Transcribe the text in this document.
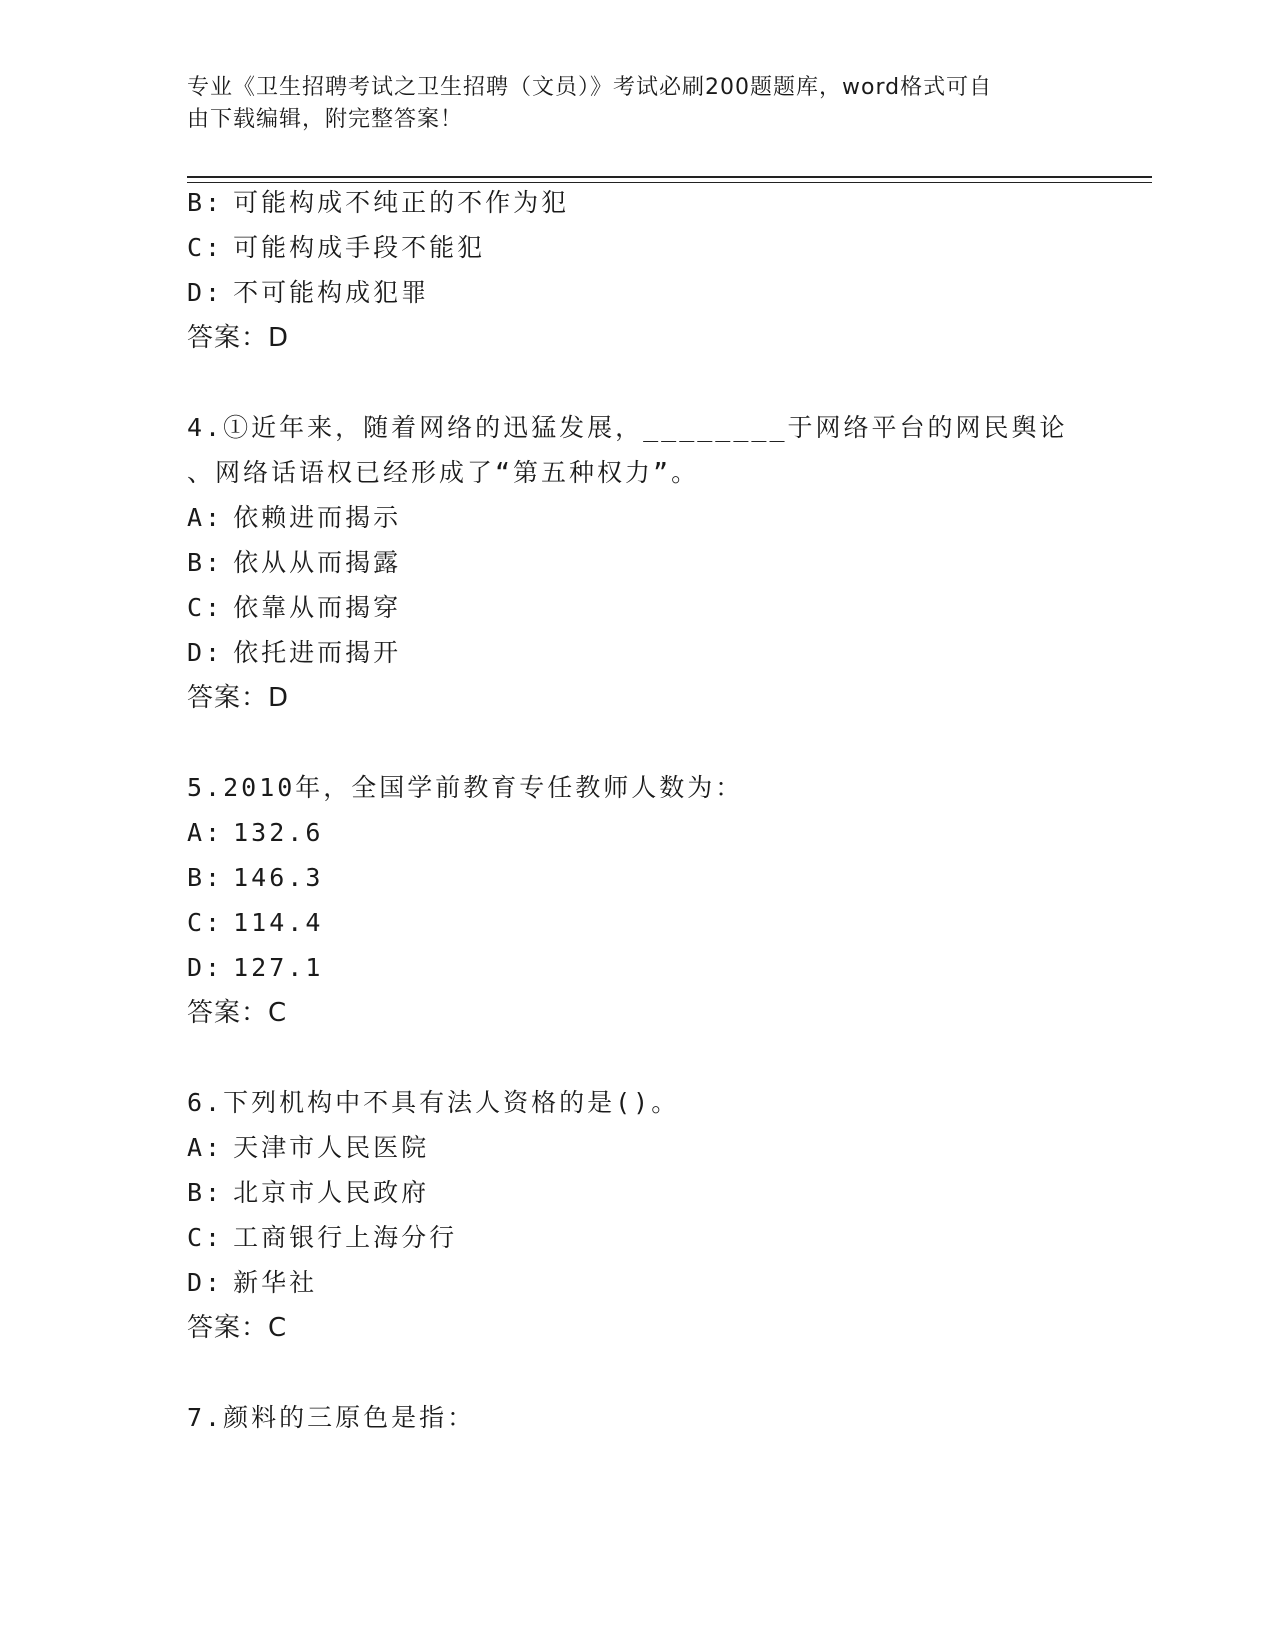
专业《卫生招聘考试之卫生招聘（文员）》考试必刷200题题库，word格式可自
由下载编辑，附完整答案！
B: 可能构成不纯正的不作为犯
C: 可能构成手段不能犯
D: 不可能构成犯罪
答案：D
4.①近年来，随着网络的迅猛发展，________于网络平台的网民舆论
、网络话语权已经形成了“第五种权力”。
A: 依赖进而揭示
B: 依从从而揭露
C: 依靠从而揭穿
D: 依托进而揭开
答案：D
5.2010年，全国学前教育专任教师人数为：
A: 132.6
B: 146.3
C: 114.4
D: 127.1
答案：C
6.下列机构中不具有法人资格的是()。
A: 天津市人民医院
B: 北京市人民政府
C: 工商银行上海分行
D: 新华社
答案：C
7.颜料的三原色是指：
